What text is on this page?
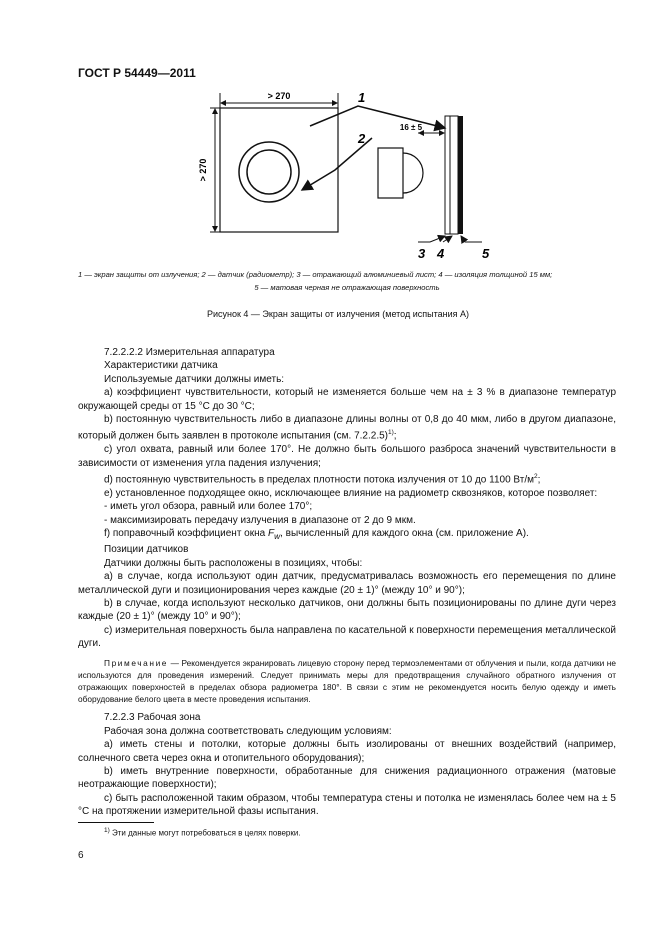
ГОСТ Р 54449—2011
> 270
> 270
16 ± 5
1
2
3 4	5
1 — экран защиты от излучения; 2 — датчик (радиометр); 3 — отражающий алюминиевый лист; 4 — изоляция толщиной 15 мм;
5 — матовая черная не отражающая поверхность
Рисунок 4 — Экран защиты от излучения (метод испытания А)

7.2.2.2.2 Измерительная аппаратура

Характеристики датчика

Используемые датчики должны иметь:

a) коэффициент чувствительности, который не изменяется больше чем на ± 3 % в диапазоне температур окружающей среды от 15 °С до 30 °С;

b) постоянную чувствительность либо в диапазоне длины волны от 0,8 до 40 мкм, либо в другом диапазоне, который должен быть заявлен в протоколе испытания (см. 7.2.2.5)$^{1)}$;

c) угол охвата, равный или более 170°. Не должно быть большого разброса значений чувствительности в зависимости от изменения угла падения излучения;

d) постоянную чувствительность в пределах плотности потока излучения от 10 до 1100 $Вт/м^2$;

e) установленное подходящее окно, исключающее влияние на радиометр сквозняков, которое позволяет:

- иметь угол обзора, равный или более 170°;

- максимизировать передачу излучения в диапазоне от 2 до 9 мкм.

f) поправочный коэффициент окна $F_w$, вычисленный для каждого окна (см. приложение А).

Позиции датчиков

Датчики должны быть расположены в позициях, чтобы:

a) в случае, когда используют один датчик, предусматривалась возможность его перемещения по длине металлической дуги и позиционирования через каждые (20 ± 1)° (между 10° и 90°);

b) в случае, когда используют несколько датчиков, они должны быть позиционированы по длине дуги через каждые (20 ± 1)° (между 10° и 90°);

c) измерительная поверхность была направлена по касательной к поверхности перемещения металлической дуги.

Примечание — Рекомендуется экранировать лицевую сторону перед термоэлементами от облучения и пыли, когда датчики не используются для проведения измерений. Следует принимать меры для предотвращения случайного обратного излучения от отражающих поверхностей в пределах обзора радиометра 180°. В связи с этим не рекомендуется носить белую одежду и иметь оборудование белого цвета в месте проведения испытания.

7.2.2.3 Рабочая зона

Рабочая зона должна соответствовать следующим условиям:

a) иметь стены и потолки, которые должны быть изолированы от внешних воздействий (например, солнечного света через окна и отопительного оборудования);

b) иметь внутренние поверхности, обработанные для снижения радиационного отражения (матовые неотражающие поверхности);

c) быть расположенной таким образом, чтобы температура стены и потолка не изменялась более чем на ± 5 °С на протяжении измерительной фазы испытания.

$^{1)}$ Эти данные могут потребоваться в целях поверки.
6
